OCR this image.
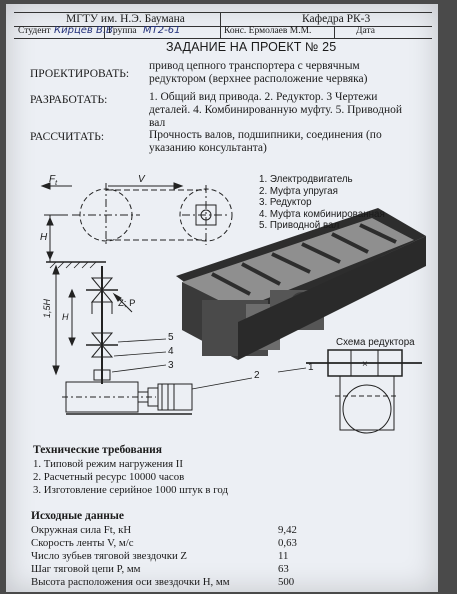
МГТУ им. Н.Э. Баумана	Кафедра РК-3
Студент Кирцев В.В.
Группа МТ2-61	Конс. Ермолаев М.М.	Дата
ЗАДАНИЕ НА ПРОЕКТ № 25
ПРОЕКТИРОВАТЬ:
привод цепного транспортера с червячным
редуктором (верхнее расположение червяка)
РАЗРАБОТАТЬ:	1. Общий вид привода. 2. Редуктор. 3 Чертежи
деталей. 4. Комбинированную муфту. 5. Приводной
вал
РАССЧИТАТЬ:	Прочность валов, подшипники, соединения (по
указанию консультанта)
×
$F_t$	V
H
1,5H H
Z; P
5
4
3
2
1
1. Электродвигатель
2. Муфта упругая
3. Редуктор
4. Муфта комбинированная
5. Приводной вал
Схема редуктора
Технические требования
1. Типовой режим нагружения II
2. Расчетный ресурс 10000 часов
3. Изготовление серийное 1000 штук в год
Исходные данные
Окружная сила Ft, кН	9,42
Скорость ленты V, м/с	0,63
Число зубьев тяговой звездочки Z	11
Шаг тяговой цепи P, мм	63
Высота расположения оси звездочки H, мм	500
